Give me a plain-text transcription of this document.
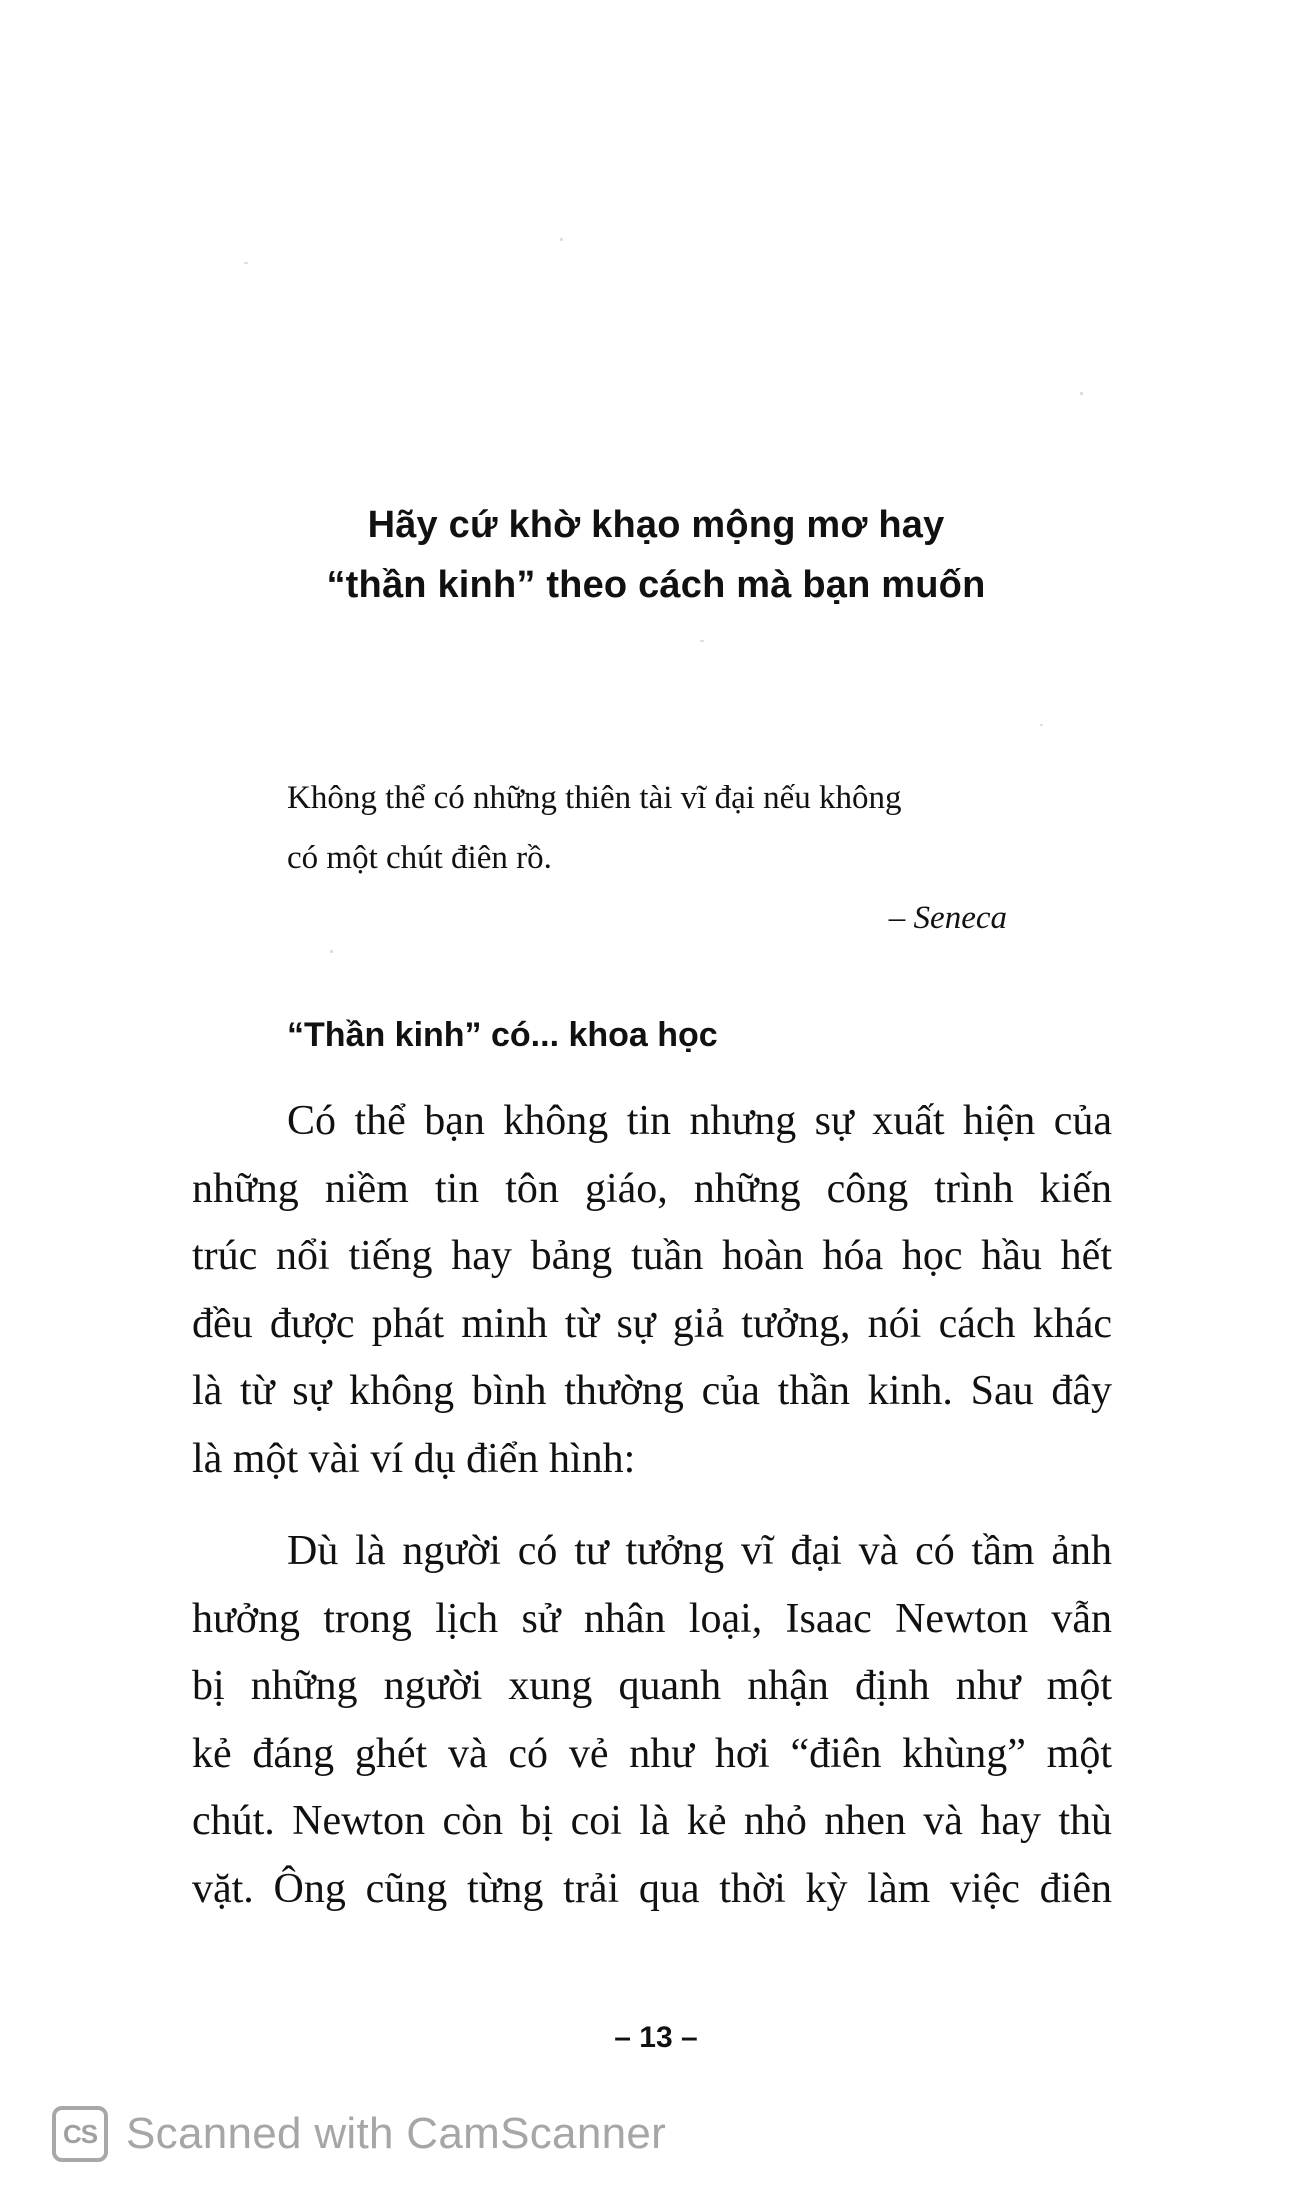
Hãy cứ khờ khạo mộng mơ hay
“thần kinh” theo cách mà bạn muốn
Không thể có những thiên tài vĩ đại nếu không
có một chút điên rồ.
– Seneca
“Thần kinh” có... khoa học
Có thể bạn không tin nhưng sự xuất hiện của
những niềm tin tôn giáo, những công trình kiến
trúc nổi tiếng hay bảng tuần hoàn hóa học hầu hết
đều được phát minh từ sự giả tưởng, nói cách khác
là từ sự không bình thường của thần kinh. Sau đây
là một vài ví dụ điển hình:
Dù là người có tư tưởng vĩ đại và có tầm ảnh
hưởng trong lịch sử nhân loại, Isaac Newton vẫn
bị những người xung quanh nhận định như một
kẻ đáng ghét và có vẻ như hơi “điên khùng” một
chút. Newton còn bị coi là kẻ nhỏ nhen và hay thù
vặt. Ông cũng từng trải qua thời kỳ làm việc điên
– 13 –
CS Scanned with CamScanner
